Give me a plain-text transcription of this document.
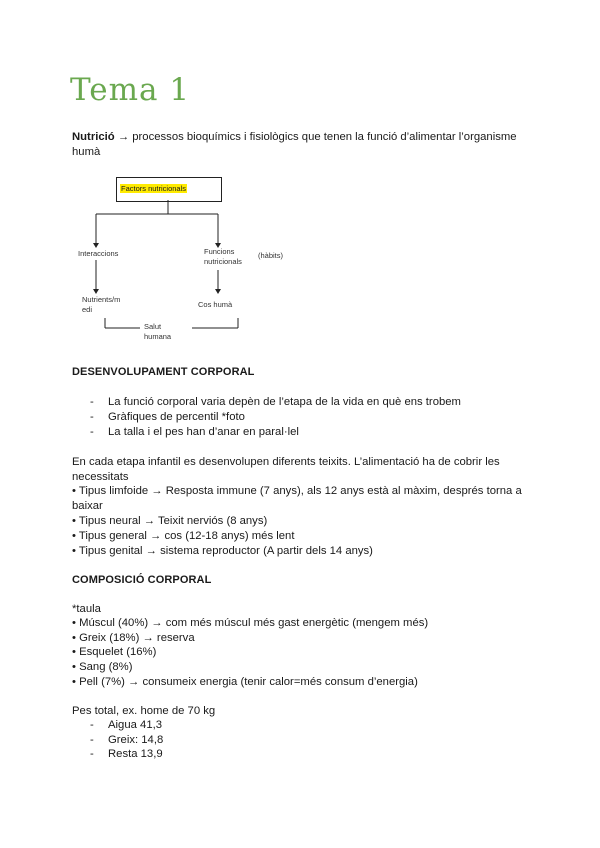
Tema 1
Nutrició → processos bioquímics i fisiològics que tenen la funció d’alimentar l’organisme humà
Factors nutricionals
Interaccions	Funcions
nutricionals
(hàbits)
Nutrients/m
edi
Cos humà
Salut
humana
DESENVOLUPAMENT CORPORAL
- La funció corporal varia depèn de l’etapa de la vida en què ens trobem
- Gràfiques de percentil *foto
- La talla i el pes han d’anar en paral·lel
En cada etapa infantil es desenvolupen diferents teixits. L’alimentació ha de cobrir les necessitats
• Tipus limfoide → Resposta immune (7 anys), als 12 anys està al màxim, després torna a
baixar
• Tipus neural → Teixit nerviós (8 anys)
• Tipus general → cos (12-18 anys) més lent
• Tipus genital → sistema reproductor (A partir dels 14 anys)
COMPOSICIÓ CORPORAL
*taula
• Múscul (40%) → com més múscul més gast energètic (mengem més)
• Greix (18%) → reserva
• Esquelet (16%)
• Sang (8%)
• Pell (7%) → consumeix energia (tenir calor=més consum d’energia)
Pes total, ex. home de 70 kg
- Aigua 41,3
- Greix: 14,8
- Resta 13,9
